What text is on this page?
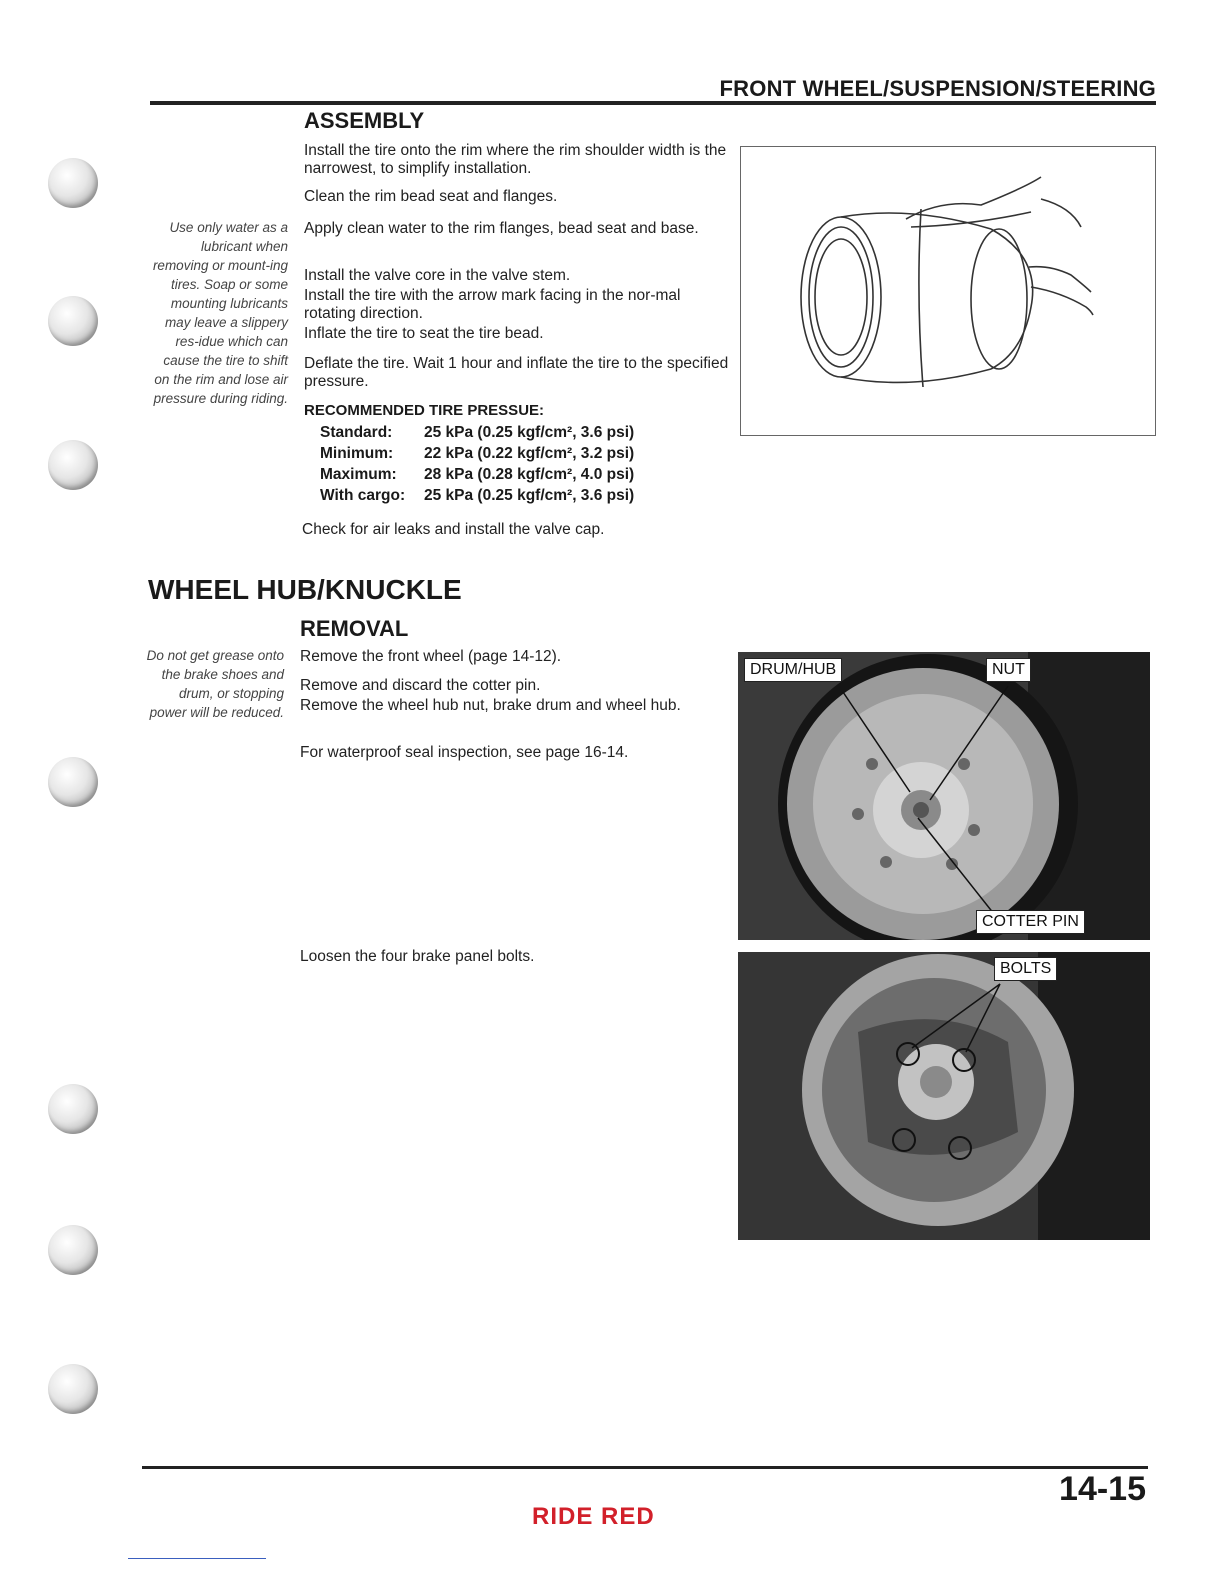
FRONT WHEEL/SUSPENSION/STEERING
ASSEMBLY

Install the tire onto the rim where the rim shoulder width is the narrowest, to simplify installation.

Clean the rim bead seat and flanges.

Use only water as a lubricant when removing or mount-ing tires. Soap or some mounting lubricants may leave a slippery res-idue which can cause the tire to shift on the rim and lose air pressure during riding.

Apply clean water to the rim flanges, bead seat and base.

Install the valve core in the valve stem.

Install the tire with the arrow mark facing in the nor-mal rotating direction.

Inflate the tire to seat the tire bead.

Deflate the tire. Wait 1 hour and inflate the tire to the specified pressure.

RECOMMENDED TIRE PRESSUE:
Standard:	25 kPa (0.25 kgf/cm², 3.6 psi)
Minimum:	22 kPa (0.22 kgf/cm², 3.2 psi)
Maximum:	28 kPa (0.28 kgf/cm², 4.0 psi)
With cargo:	25 kPa (0.25 kgf/cm², 3.6 psi)

Check for air leaks and install the valve cap.

WHEEL HUB/KNUCKLE
REMOVAL
Do not get grease onto the brake shoes and drum, or stopping power will be reduced.

Remove the front wheel (page 14-12).

Remove and discard the cotter pin.

Remove the wheel hub nut, brake drum and wheel hub.

For waterproof seal inspection, see page 16-14.

Loosen the four brake panel bolts.

DRUM/HUB	NUT
COTTER PIN
BOLTS
14-15
RIDE RED
